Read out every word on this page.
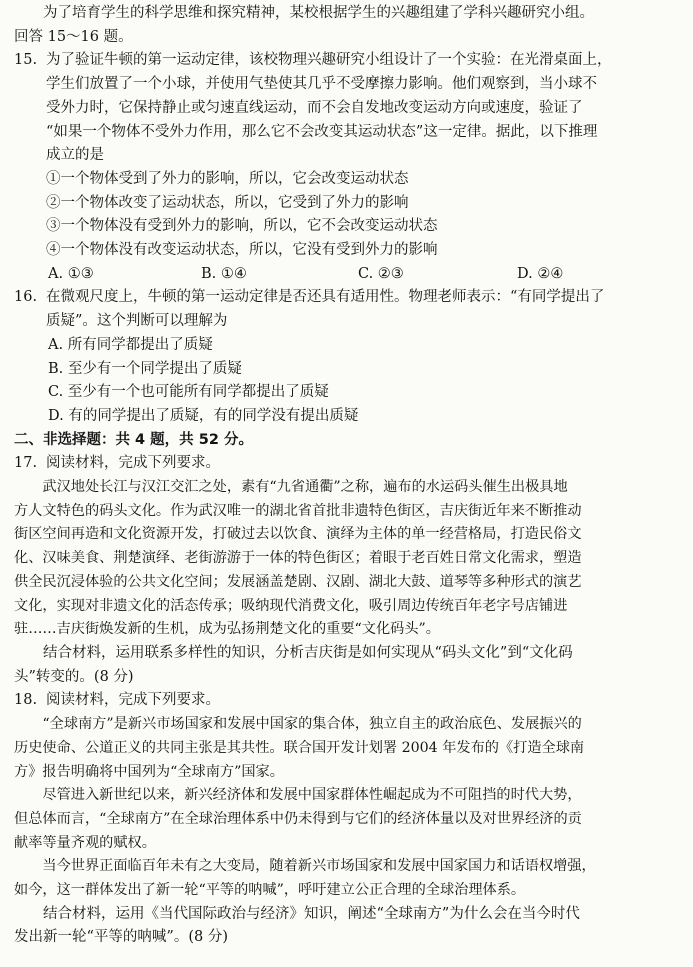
为了培育学生的科学思维和探究精神，某校根据学生的兴趣组建了学科兴趣研究小组。

回答 15～16 题。

15. 为了验证牛顿的第一运动定律，该校物理兴趣研究小组设计了一个实验：在光滑桌面上，

学生们放置了一个小球，并使用气垫使其几乎不受摩擦力影响。他们观察到，当小球不

受外力时，它保持静止或匀速直线运动，而不会自发地改变运动方向或速度，验证了

“如果一个物体不受外力作用，那么它不会改变其运动状态”这一定律。据此，以下推理

成立的是

①一个物体受到了外力的影响，所以，它会改变运动状态

②一个物体改变了运动状态，所以，它受到了外力的影响

③一个物体没有受到外力的影响，所以，它不会改变运动状态

④一个物体没有改变运动状态，所以，它没有受到外力的影响

A. ①③	B. ①④	C. ②③	D. ②④
16. 在微观尺度上，牛顿的第一运动定律是否还具有适用性。物理老师表示：“有同学提出了

质疑”。这个判断可以理解为

A. 所有同学都提出了质疑

B. 至少有一个同学提出了质疑

C. 至少有一个也可能所有同学都提出了质疑

D. 有的同学提出了质疑，有的同学没有提出质疑

二、非选择题：共 4 题，共 52 分。

17. 阅读材料，完成下列要求。

武汉地处长江与汉江交汇之处，素有“九省通衢”之称，遍布的水运码头催生出极具地

方人文特色的码头文化。作为武汉唯一的湖北省首批非遗特色街区，吉庆街近年来不断推动

街区空间再造和文化资源开发，打破过去以饮食、演绎为主体的单一经营格局，打造民俗文

化、汉味美食、荆楚演绎、老街游游于一体的特色街区；着眼于老百姓日常文化需求，塑造

供全民沉浸体验的公共文化空间；发展涵盖楚剧、汉剧、湖北大鼓、道琴等多种形式的演艺

文化，实现对非遗文化的活态传承；吸纳现代消费文化，吸引周边传统百年老字号店铺进

驻……吉庆街焕发新的生机，成为弘扬荆楚文化的重要“文化码头”。

结合材料，运用联系多样性的知识，分析吉庆街是如何实现从“码头文化”到“文化码

头”转变的。(8 分)

18. 阅读材料，完成下列要求。

“全球南方”是新兴市场国家和发展中国家的集合体，独立自主的政治底色、发展振兴的

历史使命、公道正义的共同主张是其共性。联合国开发计划署 2004 年发布的《打造全球南

方》报告明确将中国列为“全球南方”国家。

尽管进入新世纪以来，新兴经济体和发展中国家群体性崛起成为不可阻挡的时代大势，

但总体而言，“全球南方”在全球治理体系中仍未得到与它们的经济体量以及对世界经济的贡

献率等量齐观的赋权。

当今世界正面临百年未有之大变局，随着新兴市场国家和发展中国家国力和话语权增强，

如今，这一群体发出了新一轮“平等的呐喊”，呼吁建立公正合理的全球治理体系。

结合材料，运用《当代国际政治与经济》知识，阐述“全球南方”为什么会在当今时代

发出新一轮“平等的呐喊”。(8 分)
